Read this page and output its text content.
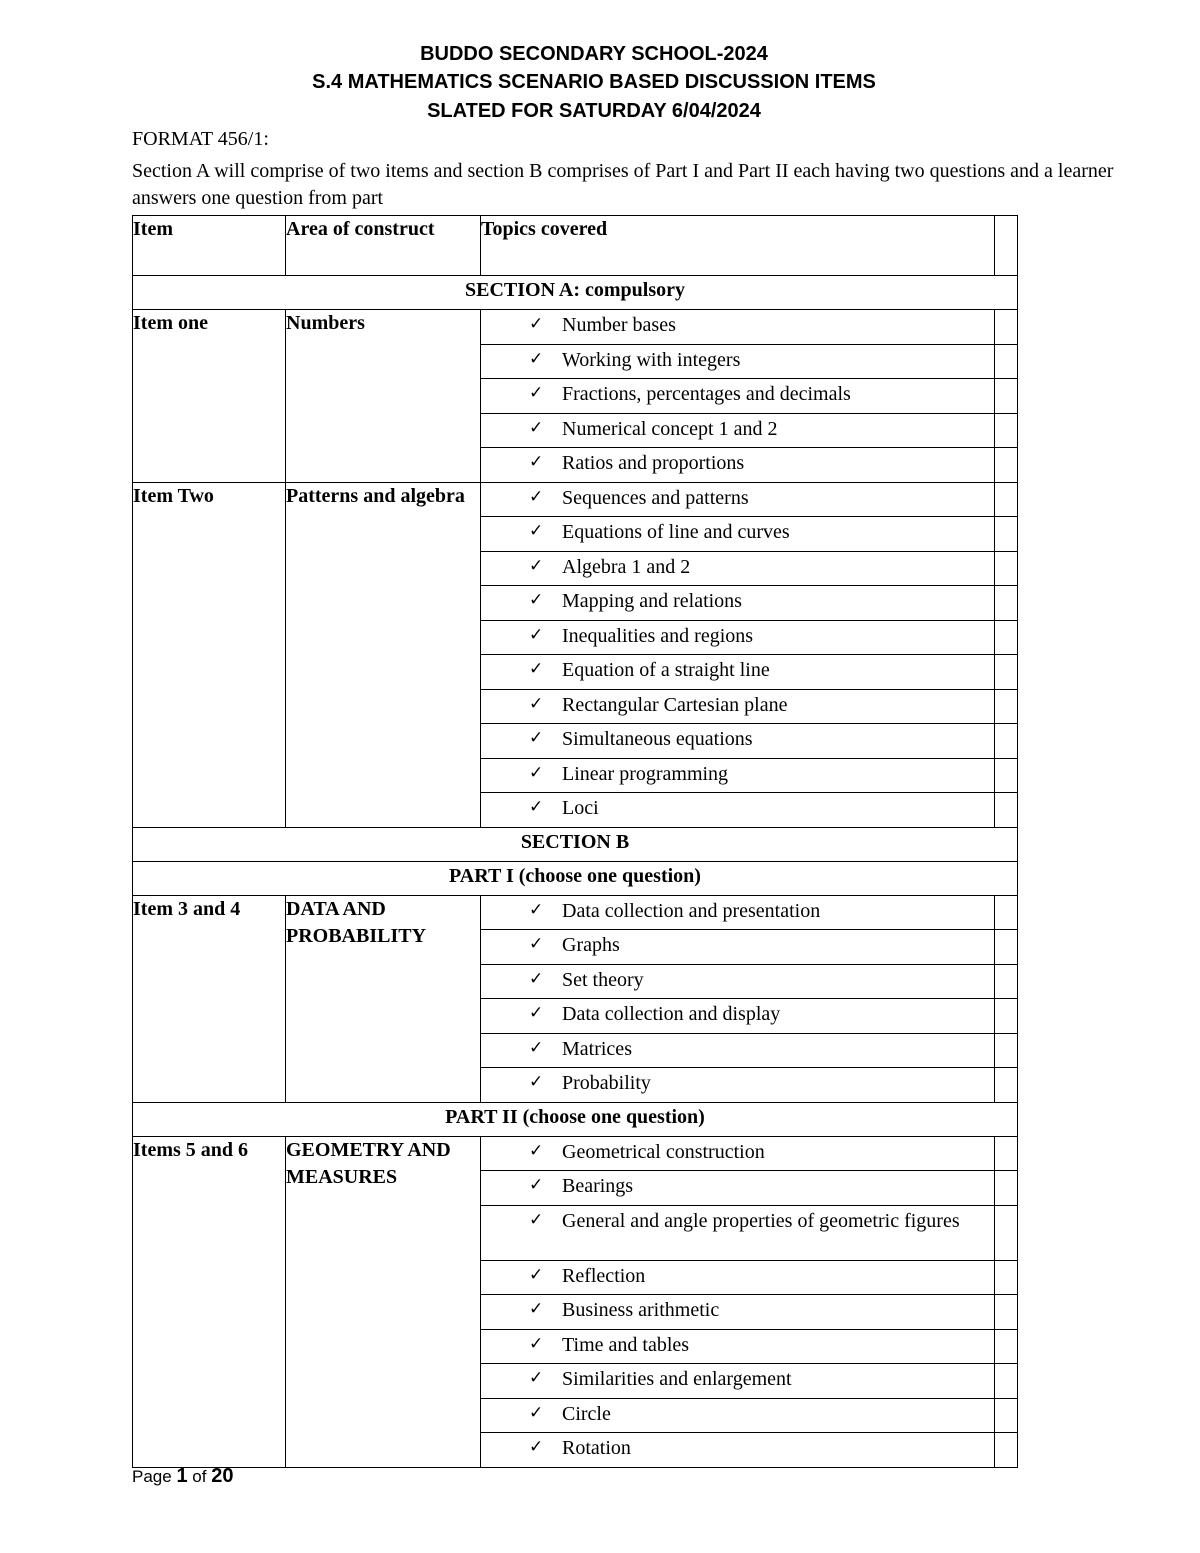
BUDDO SECONDARY SCHOOL-2024
S.4 MATHEMATICS SCENARIO BASED DISCUSSION ITEMS
SLATED FOR SATURDAY 6/04/2024
FORMAT 456/1:
Section A will comprise of two items and section B comprises of Part I and Part II each having two questions and a learner answers one question from part
Item	Area of construct	Topics covered	
SECTION A: compulsory			
Item one	Numbers	✓ Number bases	

		✓ Working with integers	

		✓ Fractions, percentages and decimals	

		✓ Numerical concept 1 and 2	

		✓ Ratios and proportions	

Item Two	Patterns and algebra	✓ Sequences and patterns	

		✓ Equations of line and curves	

		✓ Algebra 1 and 2	

		✓ Mapping and relations	

		✓ Inequalities and regions	

		✓ Equation of a straight line	

		✓ Rectangular Cartesian plane	

		✓ Simultaneous equations	

		✓ Linear programming	

		✓ Loci	

SECTION B			
PART I (choose one question)			
Item 3 and 4	DATA AND PROBABILITY	✓ Data collection and presentation	

		✓ Graphs	

		✓ Set theory	

		✓ Data collection and display	

		✓ Matrices	

		✓ Probability	

PART II (choose one question)			
Items 5 and 6	GEOMETRY AND MEASURES	✓ Geometrical construction	

		✓ Bearings	

		✓ General and angle properties of geometric figures	

		✓ Reflection	

		✓ Business arithmetic	

		✓ Time and tables	

		✓ Similarities and enlargement	

		✓ Circle	

		✓ Rotation	

Page 1 of 20
